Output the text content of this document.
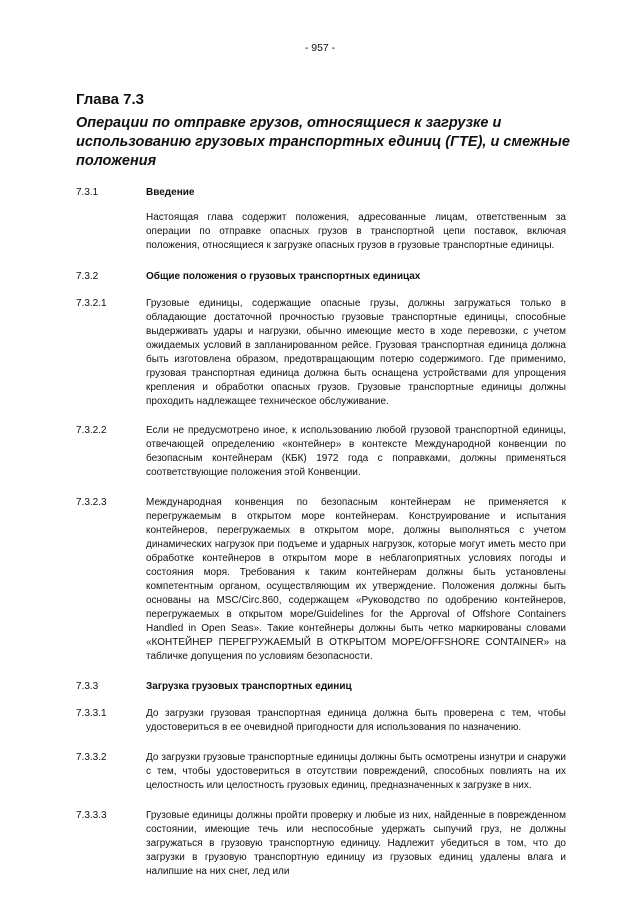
- 957 -
Глава 7.3
Операции по отправке грузов, относящиеся к загрузке и использованию грузовых транспортных единиц (ГТЕ), и смежные положения
7.3.1	Введение
Настоящая глава содержит положения, адресованные лицам, ответственным за операции по отправке опасных грузов в транспортной цепи поставок, включая положения, относящиеся к загрузке опасных грузов в грузовые транспортные единицы.
7.3.2	Общие положения о грузовых транспортных единицах
7.3.2.1	Грузовые единицы, содержащие опасные грузы, должны загружаться только в обладающие достаточной прочностью грузовые транспортные единицы, способные выдерживать удары и нагрузки, обычно имеющие место в ходе перевозки, с учетом ожидаемых условий в запланированном рейсе. Грузовая транспортная единица должна быть изготовлена образом, предотвращающим потерю содержимого. Где применимо, грузовая транспортная единица должна быть оснащена устройствами для упрощения крепления и обработки опасных грузов. Грузовые транспортные единицы должны проходить надлежащее техническое обслуживание.
7.3.2.2	Если не предусмотрено иное, к использованию любой грузовой транспортной единицы, отвечающей определению «контейнер» в контексте Международной конвенции по безопасным контейнерам (КБК) 1972 года с поправками, должны применяться соответствующие положения этой Конвенции.
7.3.2.3	Международная конвенция по безопасным контейнерам не применяется к перегружаемым в открытом море контейнерам. Конструирование и испытания контейнеров, перегружаемых в открытом море, должны выполняться с учетом динамических нагрузок при подъеме и ударных нагрузок, которые могут иметь место при обработке контейнеров в открытом море в неблагоприятных условиях погоды и состояния моря. Требования к таким контейнерам должны быть установлены компетентным органом, осуществляющим их утверждение. Положения должны быть основаны на MSC/Circ.860, содержащем «Руководство по одобрению контейнеров, перегружаемых в открытом море/Guidelines for the Approval of Offshore Containers Handled in Open Seas». Такие контейнеры должны быть четко маркированы словами «КОНТЕЙНЕР ПЕРЕГРУЖАЕМЫЙ В ОТКРЫТОМ МОРЕ/OFFSHORE CONTAINER» на табличке допущения по условиям безопасности.
7.3.3	Загрузка грузовых транспортных единиц
7.3.3.1	До загрузки грузовая транспортная единица должна быть проверена с тем, чтобы удостовериться в ее очевидной пригодности для использования по назначению.
7.3.3.2	До загрузки грузовые транспортные единицы должны быть осмотрены изнутри и снаружи с тем, чтобы удостовериться в отсутствии повреждений, способных повлиять на их целостность или целостность грузовых единиц, предназначенных к загрузке в них.
7.3.3.3	Грузовые единицы должны пройти проверку и любые из них, найденные в поврежденном состоянии, имеющие течь или неспособные удержать сыпучий груз, не должны загружаться в грузовую транспортную единицу. Надлежит убедиться в том, что до загрузки в грузовую транспортную единицу из грузовых единиц удалены влага и налипшие на них снег, лед или
